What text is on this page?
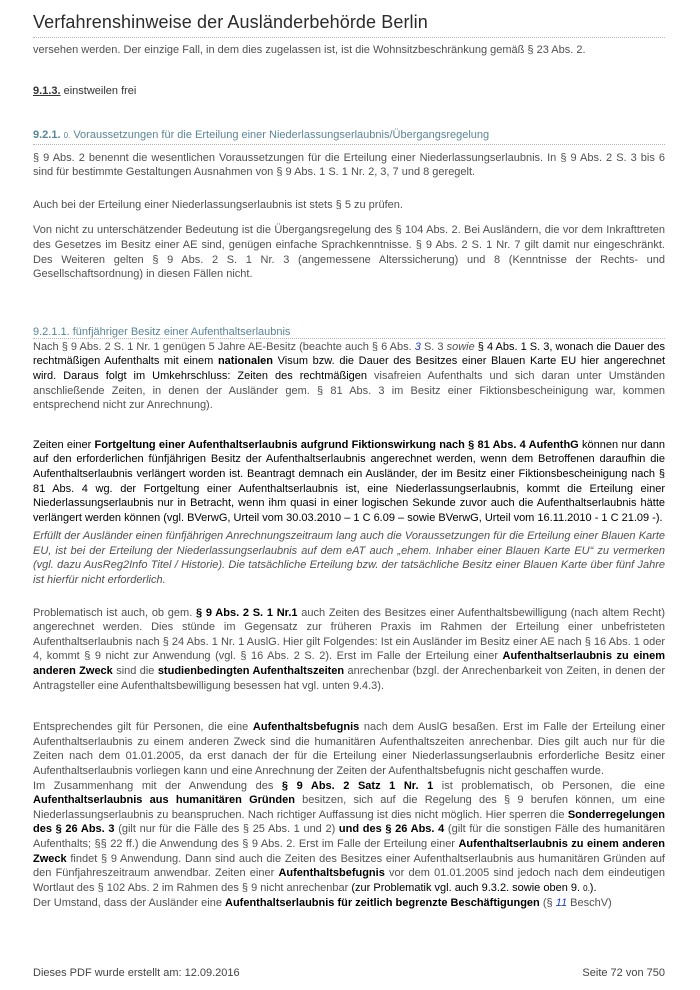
Verfahrenshinweise der Ausländerbehörde Berlin

versehen werden. Der einzige Fall, in dem dies zugelassen ist, ist die Wohnsitzbeschränkung gemäß § 23 Abs. 2.

9.1.3. einstweilen frei

9.2.1. 0. Voraussetzungen für die Erteilung einer Niederlassungserlaubnis/Übergangsregelung

§ 9 Abs. 2 benennt die wesentlichen Voraussetzungen für die Erteilung einer Niederlassungserlaubnis. In § 9 Abs. 2 S. 3 bis 6 sind für bestimmte Gestaltungen Ausnahmen von § 9 Abs. 1 S. 1 Nr. 2, 3, 7 und 8 geregelt.

Auch bei der Erteilung einer Niederlassungserlaubnis ist stets § 5 zu prüfen.

Von nicht zu unterschätzender Bedeutung ist die Übergangsregelung des § 104 Abs. 2. Bei Ausländern, die vor dem Inkrafttreten des Gesetzes im Besitz einer AE sind, genügen einfache Sprachkenntnisse. § 9 Abs. 2 S. 1 Nr. 7 gilt damit nur eingeschränkt. Des Weiteren gelten § 9 Abs. 2 S. 1 Nr. 3 (angemessene Alterssicherung) und 8 (Kenntnisse der Rechts- und Gesellschaftsordnung) in diesen Fällen nicht.

9.2.1.1. fünfjähriger Besitz einer Aufenthaltserlaubnis

Nach § 9 Abs. 2 S. 1 Nr. 1 genügen 5 Jahre AE-Besitz (beachte auch § 6 Abs. 3 S. 3 sowie § 4 Abs. 1 S. 3, wonach die Dauer des rechtmäßigen Aufenthalts mit einem nationalen Visum bzw. die Dauer des Besitzes einer Blauen Karte EU hier angerechnet wird. Daraus folgt im Umkehrschluss: Zeiten des rechtmäßigen visafreien Aufenthalts und sich daran unter Umständen anschließende Zeiten, in denen der Ausländer gem. § 81 Abs. 3 im Besitz einer Fiktionsbescheinigung war, kommen entsprechend nicht zur Anrechnung).

Zeiten einer Fortgeltung einer Aufenthaltserlaubnis aufgrund Fiktionswirkung nach § 81 Abs. 4 AufenthG können nur dann auf den erforderlichen fünfjährigen Besitz der Aufenthaltserlaubnis angerechnet werden, wenn dem Betroffenen daraufhin die Aufenthaltserlaubnis verlängert worden ist. Beantragt demnach ein Ausländer, der im Besitz einer Fiktionsbescheinigung nach § 81 Abs. 4 wg. der Fortgeltung einer Aufenthaltserlaubnis ist, eine Niederlassungserlaubnis, kommt die Erteilung einer Niederlassungserlaubnis nur in Betracht, wenn ihm quasi in einer logischen Sekunde zuvor auch die Aufenthaltserlaubnis hätte verlängert werden können (vgl. BVerwG, Urteil vom 30.03.2010 – 1 C 6.09 – sowie BVerwG, Urteil vom 16.11.2010 - 1 C 21.09 -).

Erfüllt der Ausländer einen fünfjährigen Anrechnungszeitraum lang auch die Voraussetzungen für die Erteilung einer Blauen Karte EU, ist bei der Erteilung der Niederlassungserlaubnis auf dem eAT auch „ehem. Inhaber einer Blauen Karte EU“ zu vermerken (vgl. dazu AusReg2Info Titel / Historie). Die tatsächliche Erteilung bzw. der tatsächliche Besitz einer Blauen Karte über fünf Jahre ist hierfür nicht erforderlich.

Problematisch ist auch, ob gem. § 9 Abs. 2 S. 1 Nr.1 auch Zeiten des Besitzes einer Aufenthaltsbewilligung (nach altem Recht) angerechnet werden. Dies stünde im Gegensatz zur früheren Praxis im Rahmen der Erteilung einer unbefristeten Aufenthaltserlaubnis nach § 24 Abs. 1 Nr. 1 AuslG. Hier gilt Folgendes: Ist ein Ausländer im Besitz einer AE nach § 16 Abs. 1 oder 4, kommt § 9 nicht zur Anwendung (vgl. § 16 Abs. 2 S. 2). Erst im Falle der Erteilung einer Aufenthaltserlaubnis zu einem anderen Zweck sind die studienbedingten Aufenthaltszeiten anrechenbar (bzgl. der Anrechenbarkeit von Zeiten, in denen der Antragsteller eine Aufenthaltsbewilligung besessen hat vgl. unten 9.4.3).

Entsprechendes gilt für Personen, die eine Aufenthaltsbefugnis nach dem AuslG besaßen. Erst im Falle der Erteilung einer Aufenthaltserlaubnis zu einem anderen Zweck sind die humanitären Aufenthaltszeiten anrechenbar. Dies gilt auch nur für die Zeiten nach dem 01.01.2005, da erst danach der für die Erteilung einer Niederlassungserlaubnis erforderliche Besitz einer Aufenthaltserlaubnis vorliegen kann und eine Anrechnung der Zeiten der Aufenthaltsbefugnis nicht geschaffen wurde.

Im Zusammenhang mit der Anwendung des § 9 Abs. 2 Satz 1 Nr. 1 ist problematisch, ob Personen, die eine Aufenthaltserlaubnis aus humanitären Gründen besitzen, sich auf die Regelung des § 9 berufen können, um eine Niederlassungserlaubnis zu beanspruchen. Nach richtiger Auffassung ist dies nicht möglich. Hier sperren die Sonderregelungen des § 26 Abs. 3 (gilt nur für die Fälle des § 25 Abs. 1 und 2) und des § 26 Abs. 4 (gilt für die sonstigen Fälle des humanitären Aufenthalts; §§ 22 ff.) die Anwendung des § 9 Abs. 2. Erst im Falle der Erteilung einer Aufenthaltserlaubnis zu einem anderen Zweck findet § 9 Anwendung. Dann sind auch die Zeiten des Besitzes einer Aufenthaltserlaubnis aus humanitären Gründen auf den Fünfjahreszeitraum anwendbar. Zeiten einer Aufenthaltsbefugnis vor dem 01.01.2005 sind jedoch nach dem eindeutigen Wortlaut des § 102 Abs. 2 im Rahmen des § 9 nicht anrechenbar (zur Problematik vgl. auch 9.3.2. sowie oben 9. 0.).

Der Umstand, dass der Ausländer eine Aufenthaltserlaubnis für zeitlich begrenzte Beschäftigungen (§ 11 BeschV)

Dieses PDF wurde erstellt am: 12.09.2016	Seite 72 von 750
